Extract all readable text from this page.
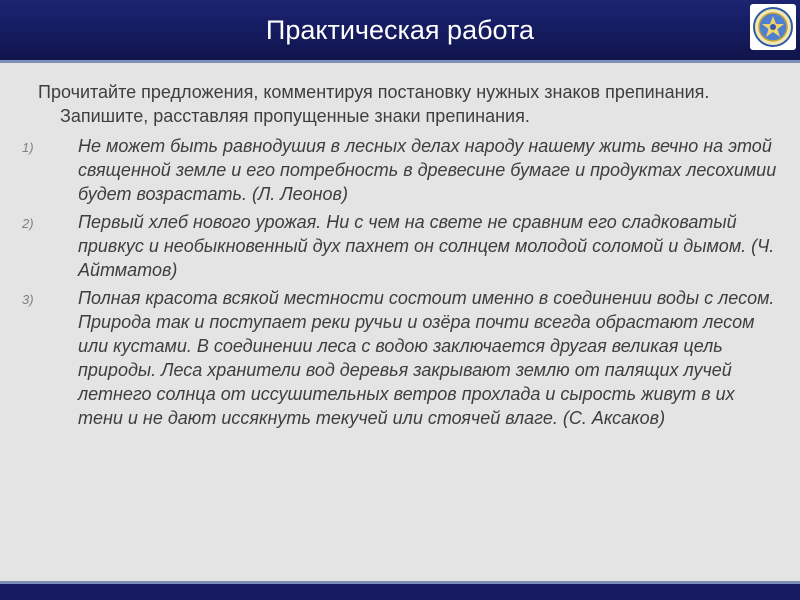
Практическая работа

Прочитайте предложения, комментируя постановку нужных знаков препинания. Запишите, расставляя пропущенные знаки препинания.

1) Не может быть равнодушия в лесных делах народу нашему жить вечно на этой священной земле и его потребность в древесине бумаге и продуктах лесохимии будет возрастать. (Л. Леонов)
2) Первый хлеб нового урожая. Ни с чем на свете не сравним его сладковатый привкус и необыкновенный дух пахнет он солнцем молодой соломой и дымом. (Ч. Айтматов)
3) Полная красота всякой местности состоит именно в соединении воды с лесом. Природа так и поступает реки ручьи и озёра почти всегда обрастают лесом или кустами. В соединении леса с водою заключается другая великая цель природы. Леса хранители вод деревья закрывают землю от палящих лучей летнего солнца от иссушительных ветров прохлада и сырость живут в их тени и не дают иссякнуть текучей или стоячей влаге. (С. Аксаков)
